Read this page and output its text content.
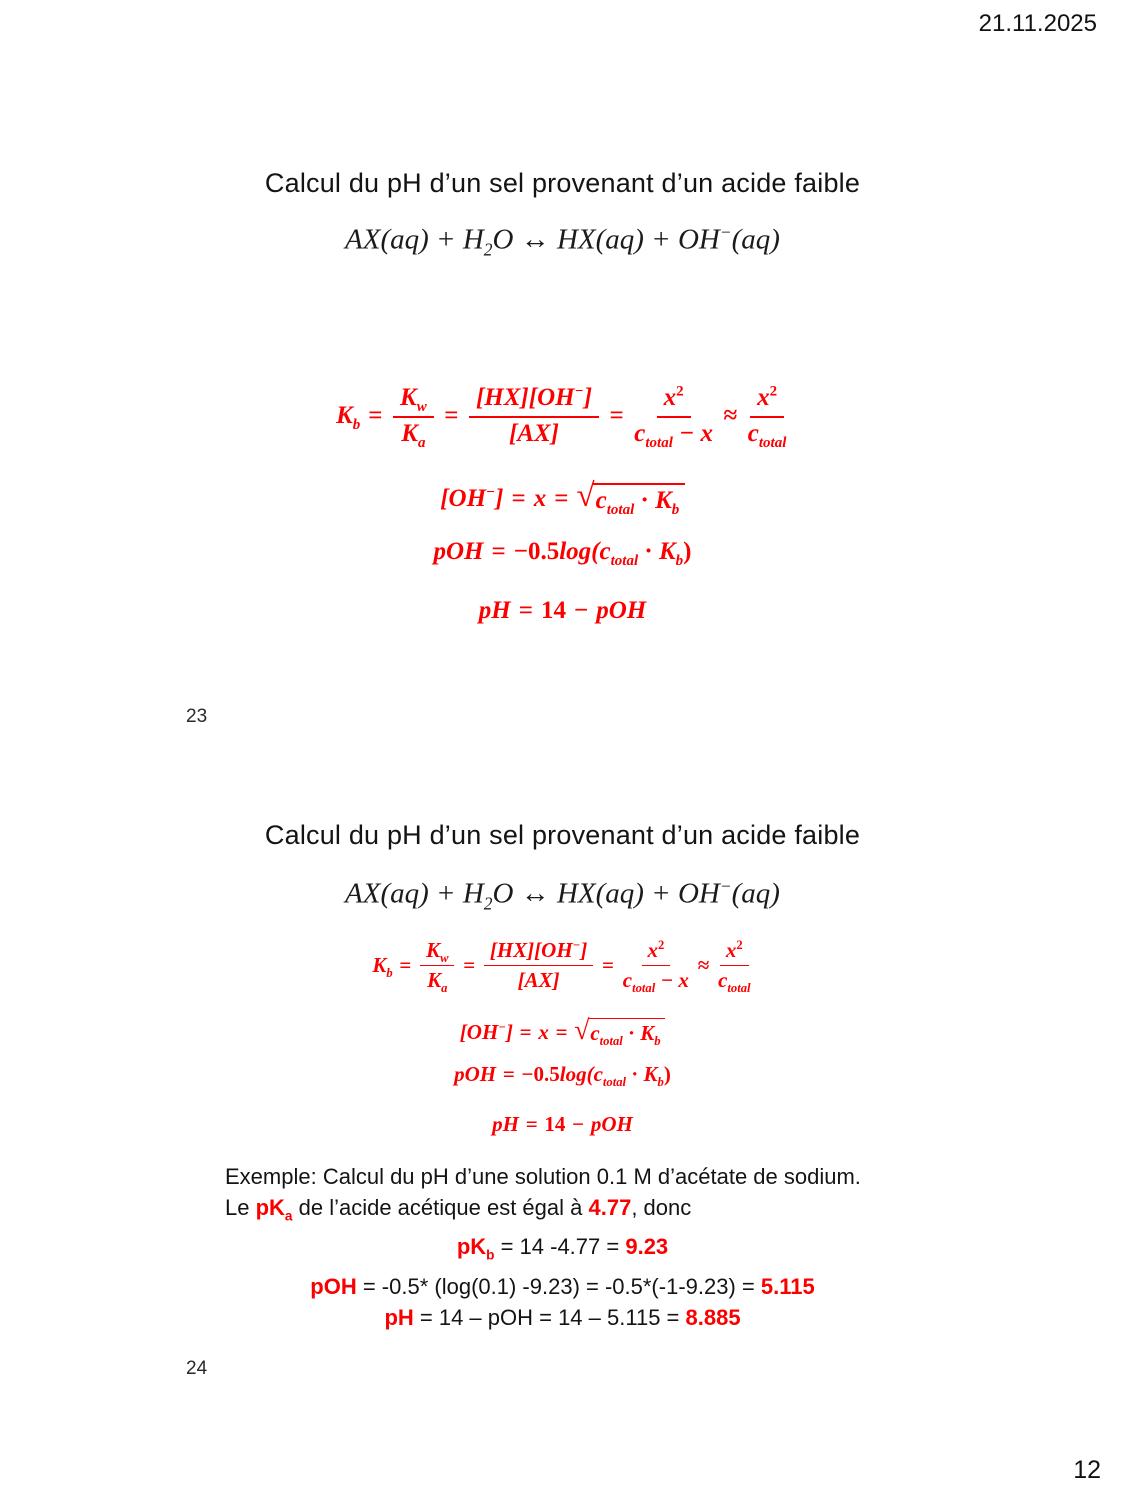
21.11.2025
Calcul du pH d’un sel provenant d’un acide faible
$AX(aq) + H_2O$ ↔ HX(aq) + OH−(aq)
$K_b = \frac{K_w}{K_a} = \frac{[HX][OH^-]}{[AX]} = \frac{x^2}{c_{total} - x} \approx \frac{x^2}{c_{total}}$
[OH−] = x = √ $c_{total} \cdot K_b$
pOH = $-0.5\log(c_{total} \cdot K_b)$
pH = 14 − pOH
23
Calcul du pH d’un sel provenant d’un acide faible
$AX(aq) + H_2O$ ↔ HX(aq) + OH−(aq)
$K_b = \frac{K_w}{K_a} = \frac{[HX][OH^-]}{[AX]} = \frac{x^2}{c_{total} - x} \approx \frac{x^2}{c_{total}}$
[OH−] = x = √ $c_{total} \cdot K_b$
pOH = $-0.5\log(c_{total} \cdot K_b)$
pH = 14 − pOH
Exemple: Calcul du pH d’une solution 0.1 M d’acétate de sodium.
Le $pK_a$ de l’acide acétique est égal à 4.77, donc
$pK_b = 14$ -4.77 = 9.23
pOH = -0.5* (log(0.1) -9.23) = -0.5*(-1-9.23) = 5.115
pH = 14 – pOH = 14 – 5.115 = 8.885
24
12
